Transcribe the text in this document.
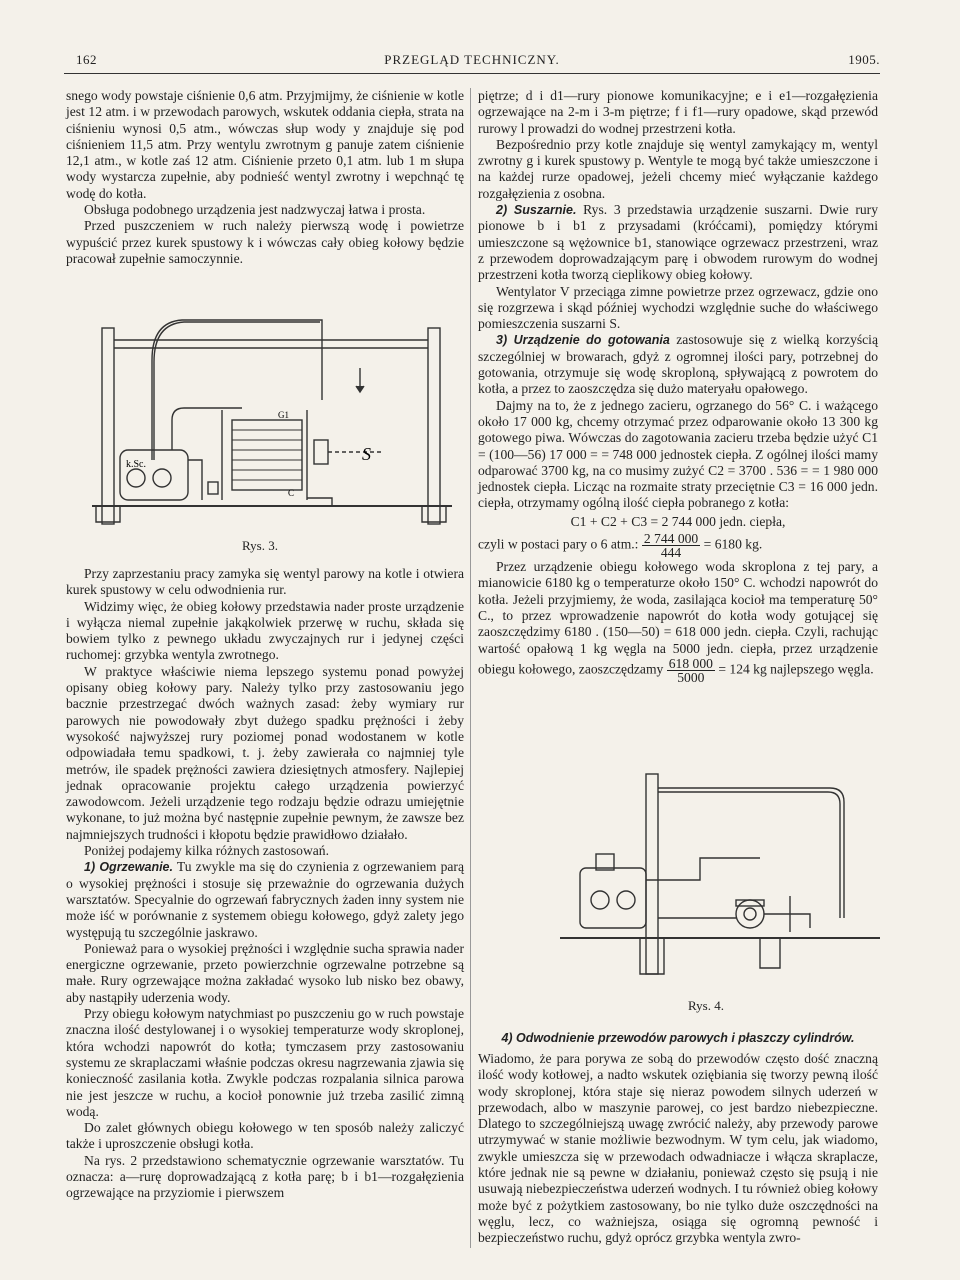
162	PRZEGLĄD TECHNICZNY.	1905.

snego wody powstaje ciśnienie 0,6 atm. Przyjmijmy, że ciśnienie w kotle jest 12 atm. i w przewodach parowych, wskutek oddania ciepła, strata na ciśnieniu wynosi 0,5 atm., wówczas słup wody y znajduje się pod ciśnieniem 11,5 atm. Przy wentylu zwrotnym g panuje zatem ciśnienie 12,1 atm., w kotle zaś 12 atm. Ciśnienie przeto 0,1 atm. lub 1 m słupa wody wystarcza zupełnie, aby podnieść wentyl zwrotny i wepchnąć tę wodę do kotła.

Obsługa podobnego urządzenia jest nadzwyczaj łatwa i prosta.

Przed puszczeniem w ruch należy pierwszą wodę i powietrze wypuścić przez kurek spustowy k i wówczas cały obieg kołowy będzie pracował zupełnie samoczynnie.

k.Sc.
S
G1
C
Rys. 3.

Przy zaprzestaniu pracy zamyka się wentyl parowy na kotle i otwiera kurek spustowy w celu odwodnienia rur.

Widzimy więc, że obieg kołowy przedstawia nader proste urządzenie i wyłącza niemal zupełnie jakąkolwiek przerwę w ruchu, składa się bowiem tylko z pewnego układu zwyczajnych rur i jedynej części ruchomej: grzybka wentyla zwrotnego.

W praktyce właściwie niema lepszego systemu ponad powyżej opisany obieg kołowy pary. Należy tylko przy zastosowaniu jego bacznie przestrzegać dwóch ważnych zasad: żeby wymiary rur parowych nie powodowały zbyt dużego spadku prężności i żeby wysokość najwyższej rury poziomej ponad wodostanem w kotle odpowiadała temu spadkowi, t. j. żeby zawierała co najmniej tyle metrów, ile spadek prężności zawiera dziesiętnych atmosfery. Najlepiej jednak opracowanie projektu całego urządzenia powierzyć zawodowcom. Jeżeli urządzenie tego rodzaju będzie odrazu umiejętnie wykonane, to już można być następnie zupełnie pewnym, że zawsze bez najmniejszych trudności i kłopotu będzie prawidłowo działało.

Poniżej podajemy kilka różnych zastosowań.

1) Ogrzewanie. Tu zwykle ma się do czynienia z ogrzewaniem parą o wysokiej prężności i stosuje się przeważnie do ogrzewania dużych warsztatów. Specyalnie do ogrzewań fabrycznych żaden inny system nie może iść w porównanie z systemem obiegu kołowego, gdyż zalety jego występują tu szczególnie jaskrawo.

Ponieważ para o wysokiej prężności i względnie sucha sprawia nader energiczne ogrzewanie, przeto powierzchnie ogrzewalne potrzebne są małe. Rury ogrzewające można zakładać wysoko lub nisko bez obawy, aby nastąpiły uderzenia wody.

Przy obiegu kołowym natychmiast po puszczeniu go w ruch powstaje znaczna ilość destylowanej i o wysokiej temperaturze wody skroplonej, która wchodzi napowrót do kotła; tymczasem przy zastosowaniu systemu ze skraplaczami właśnie podczas okresu nagrzewania zjawia się konieczność zasilania kotła. Zwykle podczas rozpalania silnica parowa nie jest jeszcze w ruchu, a kocioł ponownie już trzeba zasilić zimną wodą.

Do zalet głównych obiegu kołowego w ten sposób należy zaliczyć także i uproszczenie obsługi kotła.

Na rys. 2 przedstawiono schematycznie ogrzewanie warsztatów. Tu oznacza: a—rurę doprowadzającą z kotła parę; b i b1—rozgałęzienia ogrzewające na przyziomie i pierwszem

piętrze; d i d1—rury pionowe komunikacyjne; e i e1—rozgałęzienia ogrzewające na 2-m i 3-m piętrze; f i f1—rury opadowe, skąd przewód rurowy l prowadzi do wodnej przestrzeni kotła.

Bezpośrednio przy kotle znajduje się wentyl zamykający m, wentyl zwrotny g i kurek spustowy p. Wentyle te mogą być także umieszczone i na każdej rurze opadowej, jeżeli chcemy mieć wyłączanie każdego rozgałęzienia z osobna.

2) Suszarnie. Rys. 3 przedstawia urządzenie suszarni. Dwie rury pionowe b i b1 z przysadami (króćcami), pomiędzy którymi umieszczone są wężownice b1, stanowiące ogrzewacz przestrzeni, wraz z przewodem doprowadzającym parę i obwodem rurowym do wodnej przestrzeni kotła tworzą cieplikowy obieg kołowy.

Wentylator V przeciąga zimne powietrze przez ogrzewacz, gdzie ono się rozgrzewa i skąd później wychodzi względnie suche do właściwego pomieszczenia suszarni S.

3) Urządzenie do gotowania zastosowuje się z wielką korzyścią szczególniej w browarach, gdyż z ogromnej ilości pary, potrzebnej do gotowania, otrzymuje się wodę skroploną, spływającą z powrotem do kotła, a przez to zaoszczędza się dużo materyału opałowego.

Dajmy na to, że z jednego zacieru, ogrzanego do 56° C. i ważącego około 17 000 kg, chcemy otrzymać przez odparowanie około 13 300 kg gotowego piwa. Wówczas do zagotowania zacieru trzeba będzie użyć C1 = (100—56) 17 000 = = 748 000 jednostek ciepła. Z ogólnej ilości mamy odparować 3700 kg, na co musimy zużyć C2 = 3700 . 536 = = 1 980 000 jednostek ciepła. Licząc na rozmaite straty przeciętnie C3 = 16 000 jedn. ciepła, otrzymamy ogólną ilość ciepła pobranego z kotła:

C1 + C2 + C3 = 2 744 000 jedn. ciepła,

czyli w postaci pary o 6 atm.: $\frac{2 744 000}{444} = 6180$ kg.

Przez urządzenie obiegu kołowego woda skroplona z tej pary, a mianowicie 6180 kg o temperaturze około 150° C. wchodzi napowrót do kotła. Jeżeli przyjmiemy, że woda, zasilająca kocioł ma temperaturę 50° C., to przez wprowadzenie napowrót do kotła wody gotującej się zaoszczędzimy 6180 . (150—50) = 618 000 jedn. ciepła. Czyli, rachując wartość opałową 1 kg węgla na 5000 jedn. ciepła, przez urządzenie obiegu kołowego, zaoszczędzamy $\frac{618 000}{5000} = 124$ kg najlepszego węgla.

Rys. 4.
4) Odwodnienie przewodów parowych i płaszczy cylindrów.

Wiadomo, że para porywa ze sobą do przewodów często dość znaczną ilość wody kotłowej, a nadto wskutek oziębiania się tworzy pewną ilość wody skroplonej, która staje się nieraz powodem silnych uderzeń w przewodach, albo w maszynie parowej, co jest bardzo niebezpieczne. Dlatego to szczególniejszą uwagę zwrócić należy, aby przewody parowe utrzymywać w stanie możliwie bezwodnym. W tym celu, jak wiadomo, zwykle umieszcza się w przewodach odwadniacze i włącza skraplacze, które jednak nie są pewne w działaniu, ponieważ często się psują i nie usuwają niebezpieczeństwa uderzeń wodnych. I tu również obieg kołowy może być z pożytkiem zastosowany, bo nie tylko duże oszczędności na węglu, lecz, co ważniejsza, osiąga się ogromną pewność i bezpieczeństwo ruchu, gdyż oprócz grzybka wentyla zwro-
